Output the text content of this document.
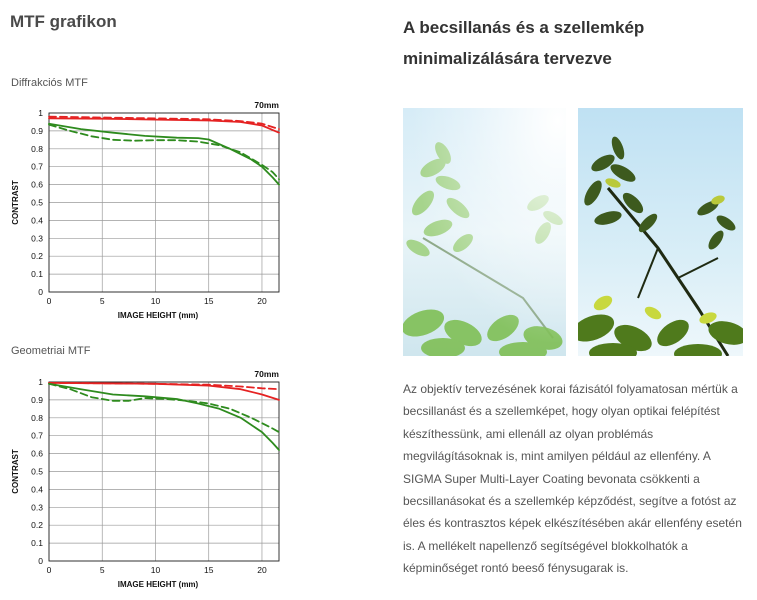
MTF grafikon
Diffrakciós MTF
0
0.1
0.2
0.3
0.4
0.5
0.6
0.7
0.8
0.9
1
0	5	10	15	20
70mm
IMAGE HEIGHT (mm)
CONTRAST
Geometriai MTF
0
0.1
0.2
0.3
0.4
0.5
0.6
0.7
0.8
0.9
1
0	5	10	15	20
70mm
IMAGE HEIGHT (mm)
CONTRAST
A becsillanás és a szellemkép minimalizálására tervezve

Az objektív tervezésének korai fázisától folyamatosan mértük a becsillanást és a szellemképet, hogy olyan optikai felépítést készíthessünk, ami ellenáll az olyan problémás megvilágításoknak is, mint amilyen például az ellenfény. A SIGMA Super Multi-Layer Coating bevonata csökkenti a becsillanásokat és a szellemkép képződést, segítve a fotóst az éles és kontrasztos képek elkészítésében akár ellenfény esetén is. A mellékelt napellenző segítségével blokkolhatók a képminőséget rontó beeső fénysugarak is.
